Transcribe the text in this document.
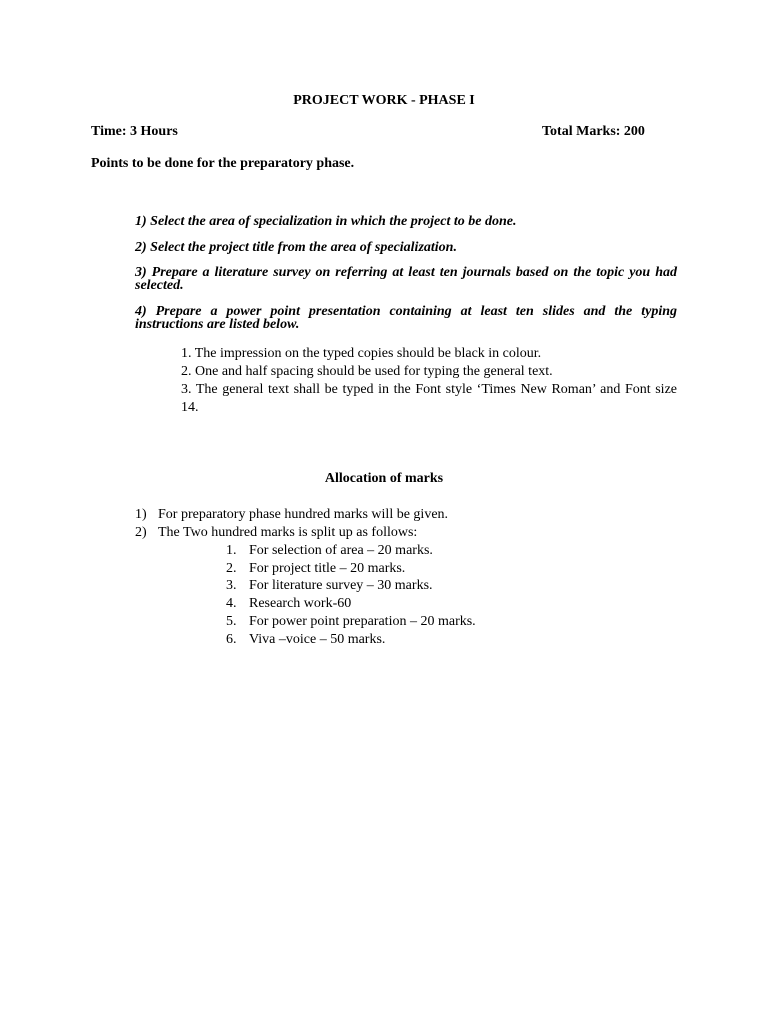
PROJECT WORK - PHASE I
Time: 3 Hours	Total Marks: 200
Points to be done for the preparatory phase.
1) Select the area of specialization in which the project to be done.
2) Select the project title from the area of specialization.
3) Prepare a literature survey on referring at least ten journals based on the topic you had selected.
4) Prepare a power point presentation containing at least ten slides and the typing instructions are listed below.
1. The impression on the typed copies should be black in colour.
2. One and half spacing should be used for typing the general text.
3. The general text shall be typed in the Font style ‘Times New Roman’ and Font size 14.
Allocation of marks
1) For preparatory phase hundred marks will be given.
2) The Two hundred marks is split up as follows:
1. For selection of area – 20 marks.
2. For project title – 20 marks.
3. For literature survey – 30 marks.
4. Research work-60
5. For power point preparation – 20 marks.
6. Viva –voice – 50 marks.
